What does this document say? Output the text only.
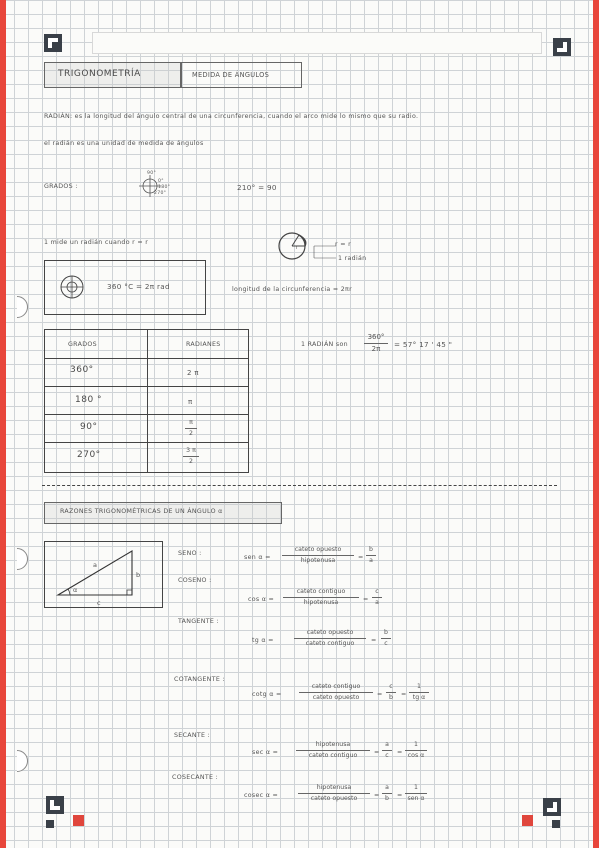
TRIGONOMETRÍA	MEDIDA DE ÁNGULOS
RADIÁN: es la longitud del ángulo central de una circunferencia, cuando el arco mide lo mismo que su radio.
el radián es una unidad de medida de ángulos
GRADOS :
90°
0°
180°
270°
210° = 90
1 mide un radián cuando r = r
r	r = r
1 radián
360 °C = 2π rad	longitud de la circunferencia = 2πr
GRADOS	RADIANES
360°	2 π
180 °	π
90°	$\frac{\pi}{2}$
270°	$\frac{3 \pi}{2}$
1 RADIÁN son $\frac{360^\circ}{2\pi} = 57^\circ$ 17 ' 45 "
RAZONES TRIGONOMÉTRICAS DE UN ÁNGULO α
a
b
c
α
SENO :
sen α =
cateto opuesto
hipotenusa	= $\frac{b}{a}$
COSENO :
cos α =
cateto contiguo
hipotenusa	= $\frac{c}{a}$
TANGENTE :
tg α =
cateto opuesto
cateto contiguo	= $\frac{b}{c}$
COTANGENTE :
cotg α =
cateto contiguo
cateto opuesto	= $\frac{c}{b} = \frac{1}{\text{tg α}}$
SECANTE :
sec α =
hipotenusa
cateto contiguo	= $\frac{a}{c} = \frac{1}{\text{cos α}}$
COSECANTE :
cosec α =
hipotenusa
cateto opuesto	= $\frac{a}{b}$ =
1
sen α
